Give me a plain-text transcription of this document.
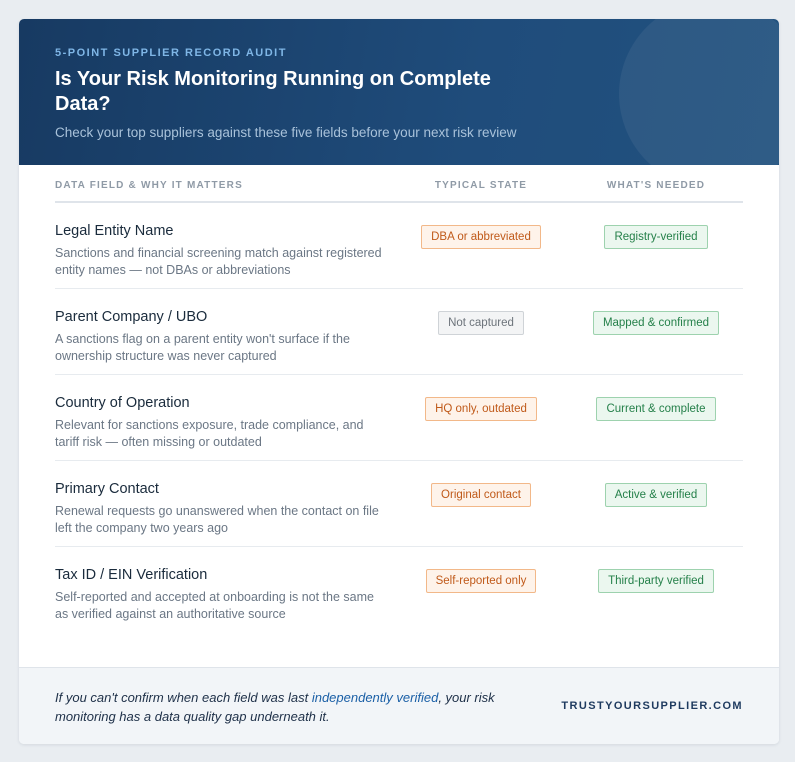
5-POINT SUPPLIER RECORD AUDIT
Is Your Risk Monitoring Running on Complete Data?
Check your top suppliers against these five fields before your next risk review
DATA FIELD & WHY IT MATTERS	TYPICAL STATE	WHAT'S NEEDED
Legal Entity Name
Sanctions and financial screening match against registered entity names — not DBAs or abbreviations
DBA or abbreviated	Registry-verified
Parent Company / UBO
A sanctions flag on a parent entity won't surface if the ownership structure was never captured
Not captured	Mapped & confirmed
Country of Operation
Relevant for sanctions exposure, trade compliance, and tariff risk — often missing or outdated
HQ only, outdated	Current & complete
Primary Contact
Renewal requests go unanswered when the contact on file left the company two years ago
Original contact	Active & verified
Tax ID / EIN Verification
Self-reported and accepted at onboarding is not the same as verified against an authoritative source
Self-reported only	Third-party verified
If you can't confirm when each field was last independently verified, your risk monitoring has a data quality gap underneath it.
TRUSTYOURSUPPLIER.COM
